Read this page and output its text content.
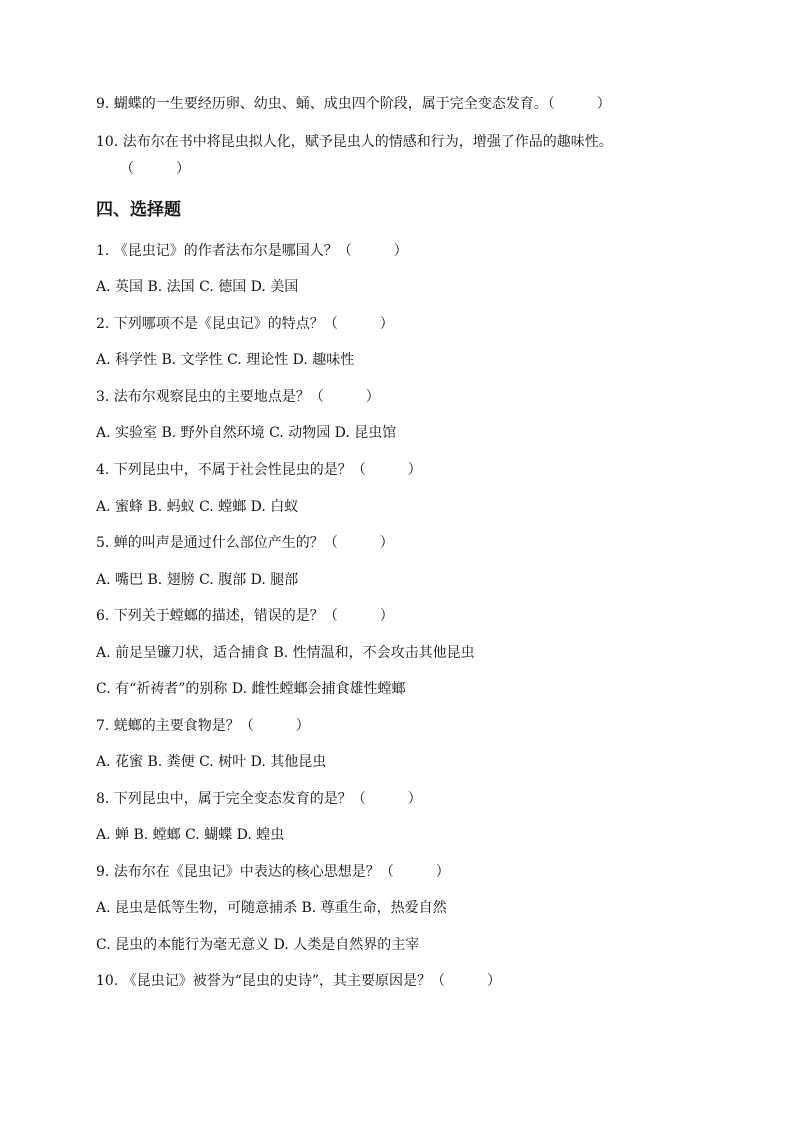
9. 蝴蝶的一生要经历卵、幼虫、蛹、成虫四个阶段，属于完全变态发育。（　　　）
10. 法布尔在书中将昆虫拟人化，赋予昆虫人的情感和行为，增强了作品的趣味性。
（　　　）
四、选择题
1. 《昆虫记》的作者法布尔是哪国人？（　　　）
A. 英国 B. 法国 C. 德国 D. 美国
2. 下列哪项不是《昆虫记》的特点？（　　　）
A. 科学性 B. 文学性 C. 理论性 D. 趣味性
3. 法布尔观察昆虫的主要地点是？（　　　）
A. 实验室 B. 野外自然环境 C. 动物园 D. 昆虫馆
4. 下列昆虫中，不属于社会性昆虫的是？（　　　）
A. 蜜蜂 B. 蚂蚁 C. 螳螂 D. 白蚁
5. 蝉的叫声是通过什么部位产生的？（　　　）
A. 嘴巴 B. 翅膀 C. 腹部 D. 腿部
6. 下列关于螳螂的描述，错误的是？（　　　）
A. 前足呈镰刀状，适合捕食 B. 性情温和，不会攻击其他昆虫
C. 有“祈祷者”的别称 D. 雌性螳螂会捕食雄性螳螂
7. 蜣螂的主要食物是？（　　　）
A. 花蜜 B. 粪便 C. 树叶 D. 其他昆虫
8. 下列昆虫中，属于完全变态发育的是？（　　　）
A. 蝉 B. 螳螂 C. 蝴蝶 D. 蝗虫
9. 法布尔在《昆虫记》中表达的核心思想是？（　　　）
A. 昆虫是低等生物，可随意捕杀 B. 尊重生命，热爱自然
C. 昆虫的本能行为毫无意义 D. 人类是自然界的主宰
10. 《昆虫记》被誉为“昆虫的史诗”，其主要原因是？（　　　）
